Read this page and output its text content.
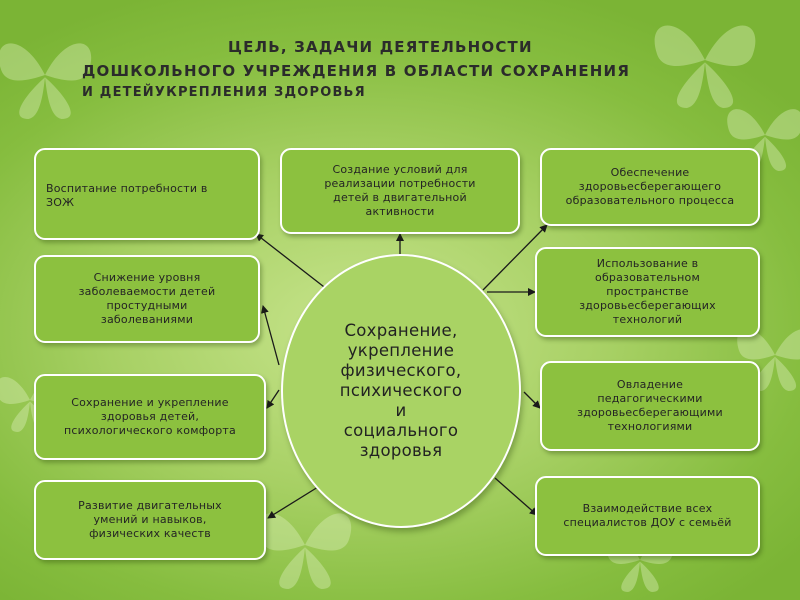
ЦЕЛЬ, ЗАДАЧИ ДЕЯТЕЛЬНОСТИ
ДОШКОЛЬНОГО УЧРЕЖДЕНИЯ В ОБЛАСТИ СОХРАНЕНИЯ
И ДЕТЕЙУКРЕПЛЕНИЯ ЗДОРОВЬЯ
Воспитание потребности в
ЗОЖ
Создание условий для
реализации потребности
детей в двигательной
активности
Обеспечение
здоровьесберегающего
образовательного процесса
Снижение уровня
заболеваемости детей
простудными
заболеваниями
Использование в
образовательном
пространстве
здоровьесберегающих
технологий
Сохранение и укрепление
здоровья детей,
психологического комфорта
Овладение
педагогическими
здоровьесберегающими
технологиями
Развитие двигательных
умений и навыков,
физических качеств
Взаимодействие всех
специалистов ДОУ с семьёй
Сохранение,
укрепление
физического,
психического
и
социального
здоровья
